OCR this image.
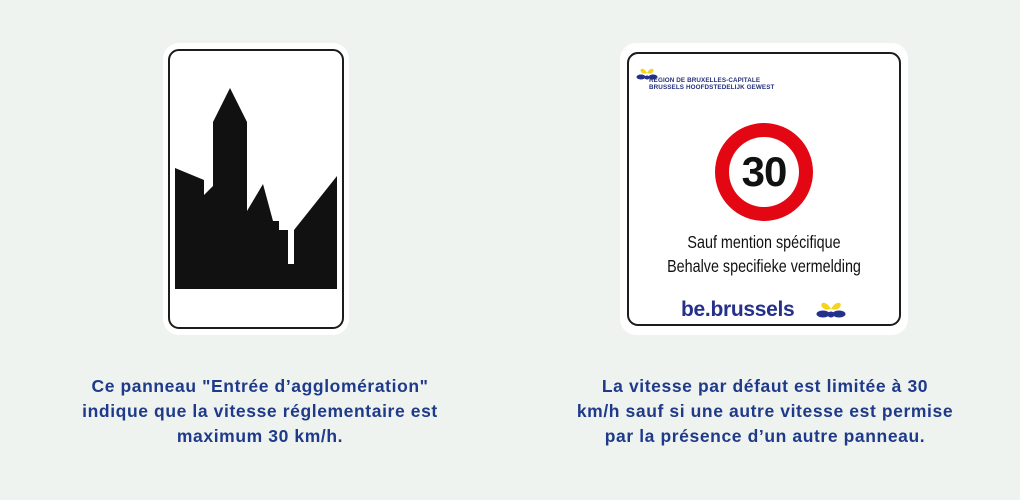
RÉGION DE BRUXELLES-CAPITALE
BRUSSELS HOOFDSTEDELIJK GEWEST
30
Sauf mention spécifique
Behalve specifieke vermelding
be.brussels
Ce panneau "Entrée d’agglomération"
indique que la vitesse réglementaire est
maximum 30 km/h.
La vitesse par défaut est limitée à 30
km/h sauf si une autre vitesse est permise
par la présence d’un autre panneau.
